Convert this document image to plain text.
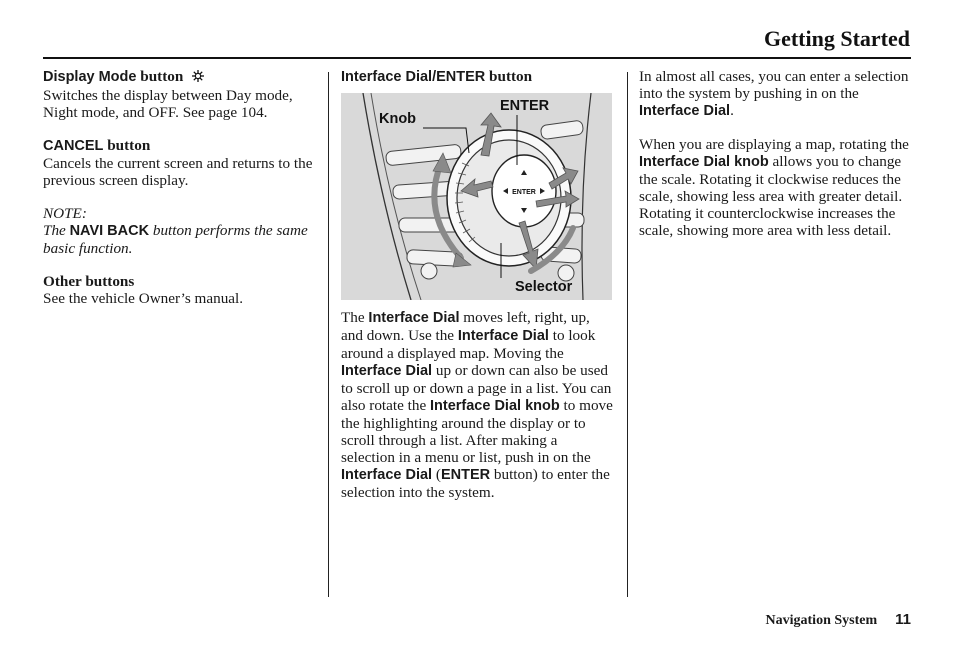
Getting Started

Display Mode button

Switches the display between Day mode, Night mode, and OFF. See page 104.

CANCEL button

Cancels the current screen and returns to the previous screen display.

NOTE:

The NAVI BACK button performs the same basic function.

Other buttons

See the vehicle Owner’s manual.

Interface Dial/ENTER button

ENTER
Knob
ENTER
Selector

The Interface Dial moves left, right, up, and down. Use the Interface Dial to look around a displayed map. Moving the Interface Dial up or down can also be used to scroll up or down a page in a list. You can also rotate the Interface Dial knob to move the highlighting around the display or to scroll through a list. After making a selection in a menu or list, push in on the Interface Dial (ENTER button) to enter the selection into the system.

In almost all cases, you can enter a selection into the system by pushing in on the Interface Dial.

When you are displaying a map, rotating the Interface Dial knob allows you to change the scale. Rotating it clockwise reduces the scale, showing less area with greater detail. Rotating it counterclockwise increases the scale, showing more area with less detail.

Navigation System 11
